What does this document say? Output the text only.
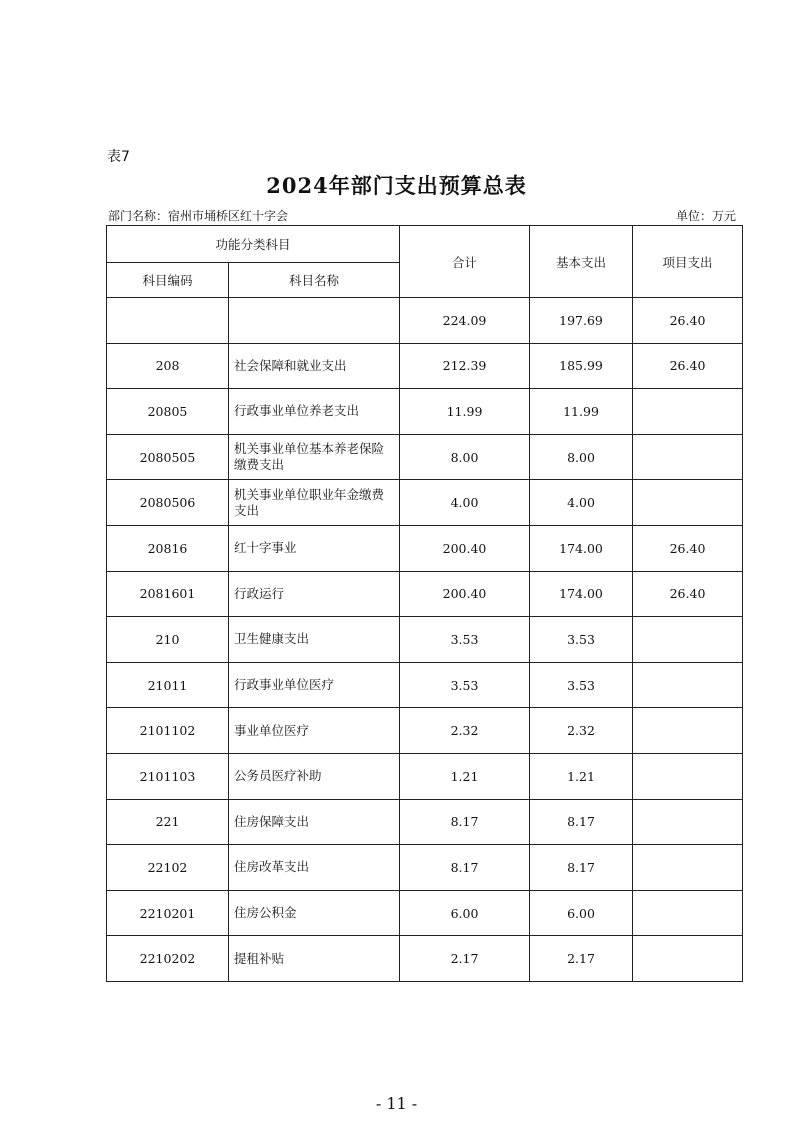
表7
2024年部门支出预算总表
部门名称：宿州市埇桥区红十字会	单位：万元
功能分类科目		合计	基本支出	项目支出
科目编码	科目名称			
		224.09	197.69	26.40
208	社会保障和就业支出	212.39	185.99	26.40
20805	行政事业单位养老支出	11.99	11.99	
2080505	机关事业单位基本养老保险缴费支出	8.00	8.00	
2080506	机关事业单位职业年金缴费支出	4.00	4.00	
20816	红十字事业	200.40	174.00	26.40
2081601	行政运行	200.40	174.00	26.40
210	卫生健康支出	3.53	3.53	
21011	行政事业单位医疗	3.53	3.53	
2101102	事业单位医疗	2.32	2.32	
2101103	公务员医疗补助	1.21	1.21	
221	住房保障支出	8.17	8.17	
22102	住房改革支出	8.17	8.17	
2210201	住房公积金	6.00	6.00	
2210202	提租补贴	2.17	2.17	
- 11 -
